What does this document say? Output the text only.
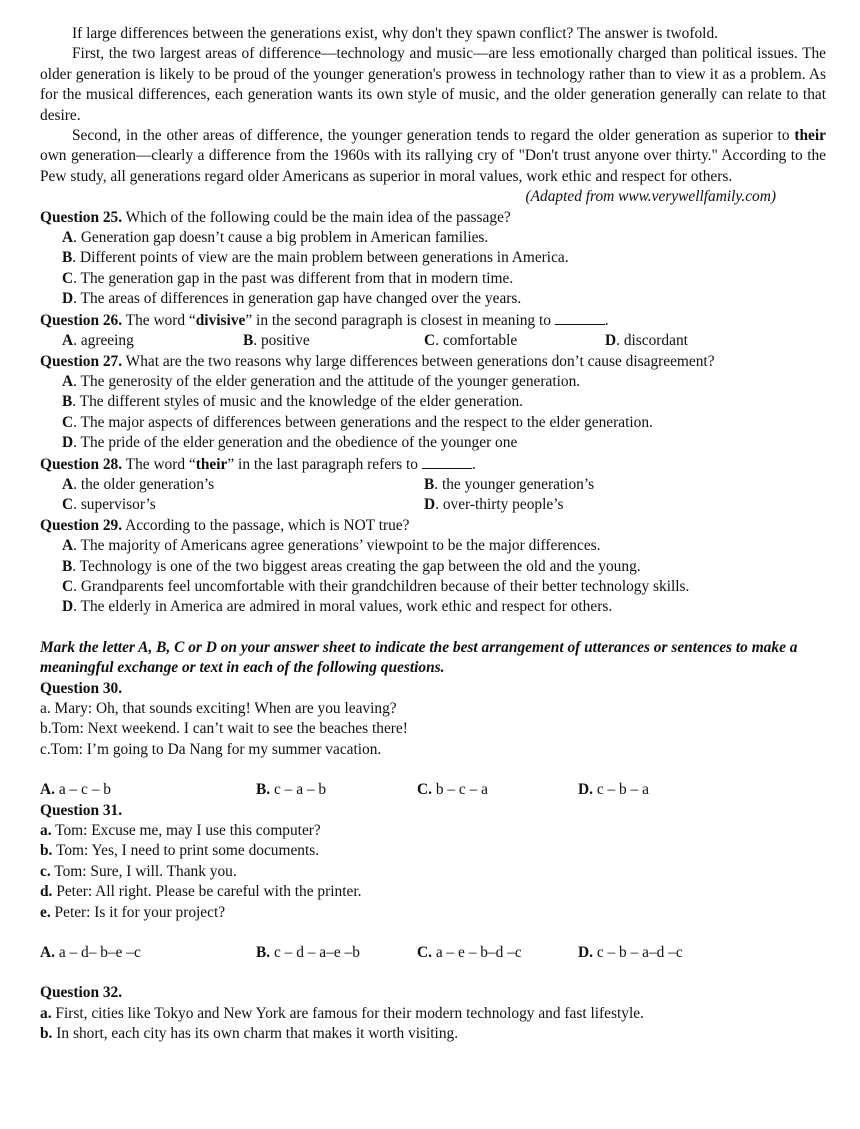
If large differences between the generations exist, why don't they spawn conflict? The answer is twofold.

First, the two largest areas of difference—technology and music—are less emotionally charged than political issues. The older generation is likely to be proud of the younger generation's prowess in technology rather than to view it as a problem. As for the musical differences, each generation wants its own style of music, and the older generation generally can relate to that desire.

Second, in the other areas of difference, the younger generation tends to regard the older generation as superior to their own generation—clearly a difference from the 1960s with its rallying cry of "Don't trust anyone over thirty." According to the Pew study, all generations regard older Americans as superior in moral values, work ethic and respect for others.

(Adapted from www.verywellfamily.com)

Question 25. Which of the following could be the main idea of the passage?

A. Generation gap doesn’t cause a big problem in American families.

B. Different points of view are the main problem between generations in America.

C. The generation gap in the past was different from that in modern time.

D. The areas of differences in generation gap have changed over the years.

Question 26. The word “divisive” in the second paragraph is closest in meaning to	.

A. agreeing	B. positive	C. comfortable	D. discordant

Question 27. What are the two reasons why large differences between generations don’t cause disagreement?

A. The generosity of the elder generation and the attitude of the younger generation.

B. The different styles of music and the knowledge of the elder generation.

C. The major aspects of differences between generations and the respect to the elder generation.

D. The pride of the elder generation and the obedience of the younger one

Question 28. The word “their” in the last paragraph refers to	.

A. the older generation’s	B. the younger generation’s
C. supervisor’s	D. over-thirty people’s

Question 29. According to the passage, which is NOT true?

A. The majority of Americans agree generations’ viewpoint to be the major differences.

B. Technology is one of the two biggest areas creating the gap between the old and the young.

C. Grandparents feel uncomfortable with their grandchildren because of their better technology skills.

D. The elderly in America are admired in moral values, work ethic and respect for others.

Mark the letter A, B, C or D on your answer sheet to indicate the best arrangement of utterances or sentences to make a meaningful exchange or text in each of the following questions.

Question 30.

a. Mary: Oh, that sounds exciting! When are you leaving?

b.Tom: Next weekend. I can’t wait to see the beaches there!

c.Tom: I’m going to Da Nang for my summer vacation.

A. a – c – b	B. c – a – b	C. b – c – a	D. c – b – a

Question 31.

a. Tom: Excuse me, may I use this computer?

b. Tom: Yes, I need to print some documents.

c. Tom: Sure, I will. Thank you.

d. Peter: All right. Please be careful with the printer.

e. Peter: Is it for your project?

A. a – d– b–e –c	B. c – d – a–e –b	C. a – e – b–d –c	D. c – b – a–d –c

Question 32.

a. First, cities like Tokyo and New York are famous for their modern technology and fast lifestyle.

b. In short, each city has its own charm that makes it worth visiting.
